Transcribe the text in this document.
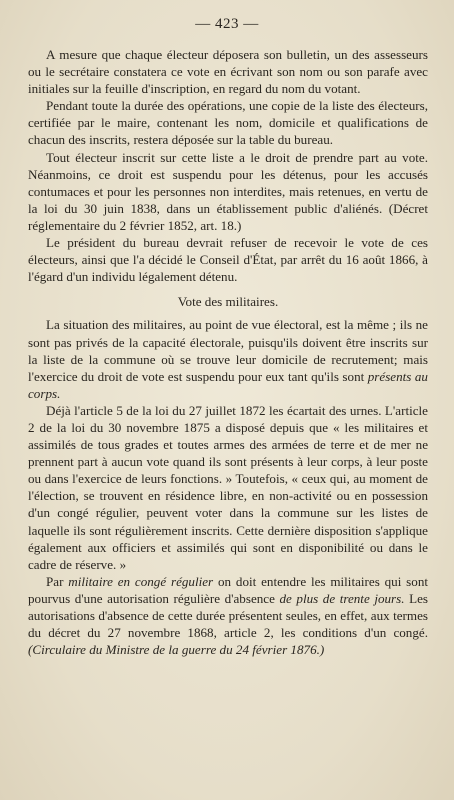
— 423 —

A mesure que chaque électeur déposera son bulletin, un des assesseurs ou le secrétaire constatera ce vote en écrivant son nom ou son parafe avec initiales sur la feuille d'inscription, en regard du nom du votant.

Pendant toute la durée des opérations, une copie de la liste des électeurs, certifiée par le maire, contenant les nom, domicile et qualifications de chacun des inscrits, restera déposée sur la table du bureau.

Tout électeur inscrit sur cette liste a le droit de prendre part au vote. Néanmoins, ce droit est suspendu pour les détenus, pour les accusés contumaces et pour les personnes non interdites, mais retenues, en vertu de la loi du 30 juin 1838, dans un établissement public d'aliénés. (Décret réglementaire du 2 février 1852, art. 18.)

Le président du bureau devrait refuser de recevoir le vote de ces électeurs, ainsi que l'a décidé le Conseil d'État, par arrêt du 16 août 1866, à l'égard d'un individu légalement détenu.

Vote des militaires.

La situation des militaires, au point de vue électoral, est la même ; ils ne sont pas privés de la capacité électorale, puisqu'ils doivent être inscrits sur la liste de la commune où se trouve leur domicile de recrutement; mais l'exercice du droit de vote est suspendu pour eux tant qu'ils sont présents au corps.

Déjà l'article 5 de la loi du 27 juillet 1872 les écartait des urnes. L'article 2 de la loi du 30 novembre 1875 a disposé depuis que « les militaires et assimilés de tous grades et toutes armes des armées de terre et de mer ne prennent part à aucun vote quand ils sont présents à leur corps, à leur poste ou dans l'exercice de leurs fonctions. » Toutefois, « ceux qui, au moment de l'élection, se trouvent en résidence libre, en non-activité ou en possession d'un congé régulier, peuvent voter dans la commune sur les listes de laquelle ils sont régulièrement inscrits. Cette dernière disposition s'applique également aux officiers et assimilés qui sont en disponibilité ou dans le cadre de réserve. »

Par militaire en congé régulier on doit entendre les militaires qui sont pourvus d'une autorisation régulière d'absence de plus de trente jours. Les autorisations d'absence de cette durée présentent seules, en effet, aux termes du décret du 27 novembre 1868, article 2, les conditions d'un congé. (Circulaire du Ministre de la guerre du 24 février 1876.)
